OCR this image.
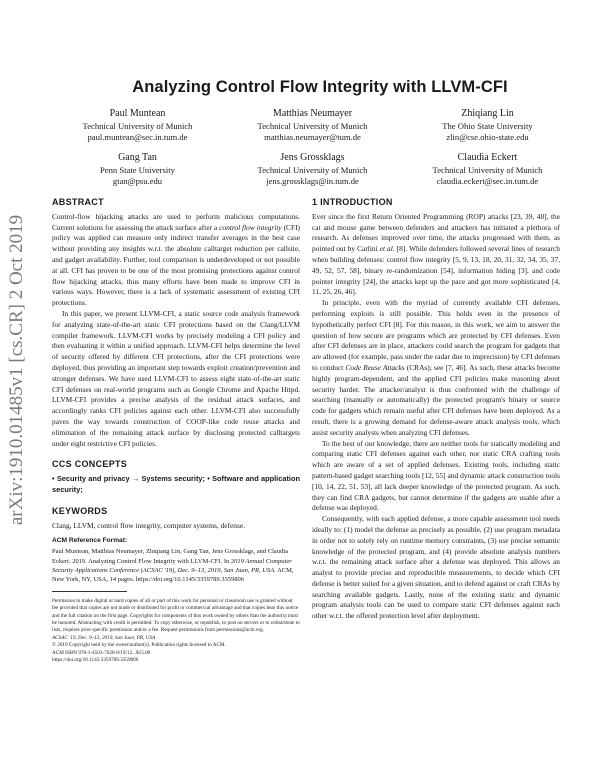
arXiv:1910.01485v1 [cs.CR] 2 Oct 2019
Analyzing Control Flow Integrity with LLVM-CFI
Paul Muntean
Technical University of Munich
paul.muntean@sec.in.tum.de
Matthias Neumayer
Technical University of Munich
matthias.neumayer@tum.de
Zhiqiang Lin
The Ohio State University
zlin@cse.ohio-state.edu
Gang Tan
Penn State University
gtan@psu.edu
Jens Grossklags
Technical University of Munich
jens.grossklags@in.tum.de
Claudia Eckert
Technical University of Munich
claudia.eckert@sec.in.tum.de
ABSTRACT

Control-flow hijacking attacks are used to perform malicious computations. Current solutions for assessing the attack surface after a control flow integrity (CFI) policy was applied can measure only indirect transfer averages in the best case without providing any insights w.r.t. the absolute calltarget reduction per callsite, and gadget availability. Further, tool comparison is underdeveloped or not possible at all. CFI has proven to be one of the most promising protections against control flow hijacking attacks, thus many efforts have been made to improve CFI in various ways. However, there is a lack of systematic assessment of existing CFI protections.

In this paper, we present LLVM-CFI, a static source code analysis framework for analyzing state-of-the-art static CFI protections based on the Clang/LLVM compiler framework. LLVM-CFI works by precisely modeling a CFI policy and then evaluating it within a unified approach. LLVM-CFI helps determine the level of security offered by different CFI protections, after the CFI protections were deployed, thus providing an important step towards exploit creation/prevention and stronger defenses. We have used LLVM-CFI to assess eight state-of-the-art static CFI defenses on real-world programs such as Google Chrome and Apache Httpd. LLVM-CFI provides a precise analysis of the residual attack surfaces, and accordingly ranks CFI policies against each other. LLVM-CFI also successfully paves the way towards construction of COOP-like code reuse attacks and elimination of the remaining attack surface by disclosing protected calltargets under eight restrictive CFI policies.

CCS CONCEPTS

• Security and privacy → Systems security; • Software and application security;

KEYWORDS

Clang, LLVM, control flow integrity, computer systems, defense.

ACM Reference Format:

Paul Muntean, Matthias Neumayer, Zhiqiang Lin, Gang Tan, Jens Grossklags, and Claudia Eckert. 2019. Analyzing Control Flow Integrity with LLVM-CFI. In 2019 Annual Computer Security Applications Conference (ACSAC '19), Dec. 9–13, 2019, San Juan, PR, USA. ACM, New York, NY, USA, 14 pages. https://doi.org/10.1145/3359789.3359806

Permission to make digital or hard copies of all or part of this work for personal or classroom use is granted without fee provided that copies are not made or distributed for profit or commercial advantage and that copies bear this notice and the full citation on the first page. Copyrights for components of this work owned by others than the author(s) must be honored. Abstracting with credit is permitted. To copy otherwise, or republish, to post on servers or to redistribute to lists, requires prior specific permission and/or a fee. Request permissions from permissions@acm.org.
ACSAC '19, Dec. 9–13, 2019, San Juan, PR, USA
© 2019 Copyright held by the owner/author(s). Publication rights licensed to ACM.
ACM ISBN 978-1-4503-7628-0/19/12...$15.00
https://doi.org/10.1145/3359789.3359806
1 INTRODUCTION

Ever since the first Return Oriented Programming (ROP) attacks [23, 39, 48], the cat and mouse game between defenders and attackers has initiated a plethora of research. As defenses improved over time, the attacks progressed with them, as pointed out by Carlini et al. [8]. While defenders followed several lines of research when building defenses: control flow integrity [5, 9, 13, 18, 20, 31, 32, 34, 35, 37, 49, 52, 57, 58], binary re-randomization [54], information hiding [3], and code pointer integrity [24], the attacks kept up the pace and got more sophisticated [4, 11, 25, 26, 46].

In principle, even with the myriad of currently available CFI defenses, performing exploits is still possible. This holds even in the presence of hypothetically perfect CFI [8]. For this reason, in this work, we aim to answer the question of how secure are programs which are protected by CFI defenses. Even after CFI defenses are in place, attackers could search the program for gadgets that are allowed (for example, pass under the radar due to imprecision) by CFI defenses to conduct Code Reuse Attacks (CRAs); see [7, 46]. As such, these attacks become highly program-dependent, and the applied CFI policies make reasoning about security harder. The attacker/analyst is thus confronted with the challenge of searching (manually or automatically) the protected program's binary or source code for gadgets which remain useful after CFI defenses have been deployed. As a result, there is a growing demand for defense-aware attack analysis tools, which assist security analysts when analyzing CFI defenses.

To the best of our knowledge, there are neither tools for statically modeling and comparing static CFI defenses against each other, nor static CRA crafting tools which are aware of a set of applied defenses. Existing tools, including static pattern-based gadget searching tools [12, 55] and dynamic attack construction tools [10, 14, 22, 51, 53], all lack deeper knowledge of the protected program. As such, they can find CRA gadgets, but cannot determine if the gadgets are usable after a defense was deployed.

Consequently, with each applied defense, a more capable assessment tool needs ideally to: (1) model the defense as precisely as possible, (2) use program metadata in order not to solely rely on runtime memory constraints, (3) use precise semantic knowledge of the protected program, and (4) provide absolute analysis numbers w.r.t. the remaining attack surface after a defense was deployed. This allows an analyst to provide precise and reproducible measurements, to decide which CFI defense is better suited for a given situation, and to defend against or craft CRAs by searching available gadgets. Lastly, none of the existing static and dynamic program analysis tools can be used to compare static CFI defenses against each other w.r.t. the offered protection level after deployment.
